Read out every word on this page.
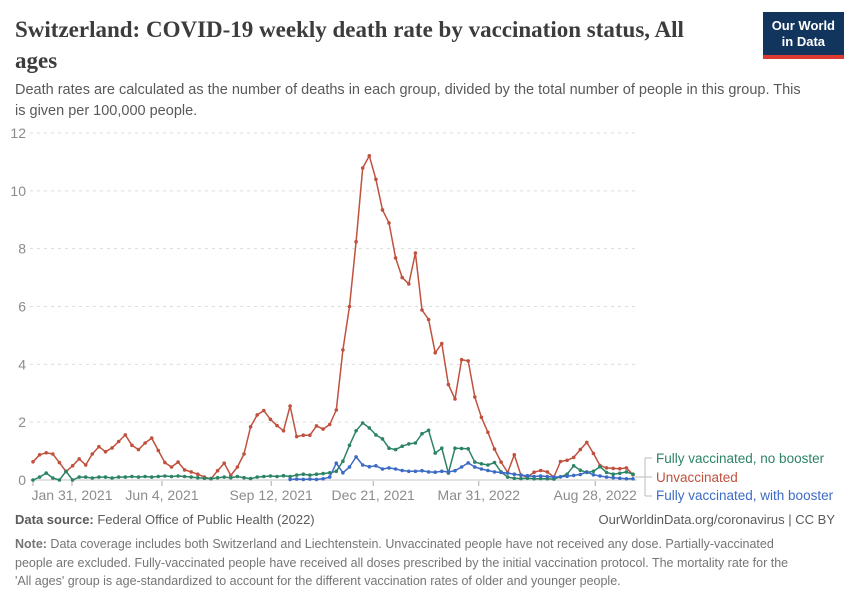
Switzerland: COVID-19 weekly death rate by vaccination status, All
ages
Our World
in Data
Death rates are calculated as the number of deaths in each group, divided by the total number of people in this group. This
is given per 100,000 people.
0
2
4
6
8
10
12
Jan 31, 2021 Jun 4, 2021 Sep 12, 2021 Dec 21, 2021 Mar 31, 2022 Aug 28, 2022
Fully vaccinated, no booster
Unvaccinated
Fully vaccinated, with booster
Data source: Federal Office of Public Health (2022)	OurWorldinData.org/coronavirus | CC BY
Note: Data coverage includes both Switzerland and Liechtenstein. Unvaccinated people have not received any dose. Partially-vaccinated
people are excluded. Fully-vaccinated people have received all doses prescribed by the initial vaccination protocol. The mortality rate for the
'All ages' group is age-standardized to account for the different vaccination rates of older and younger people.
